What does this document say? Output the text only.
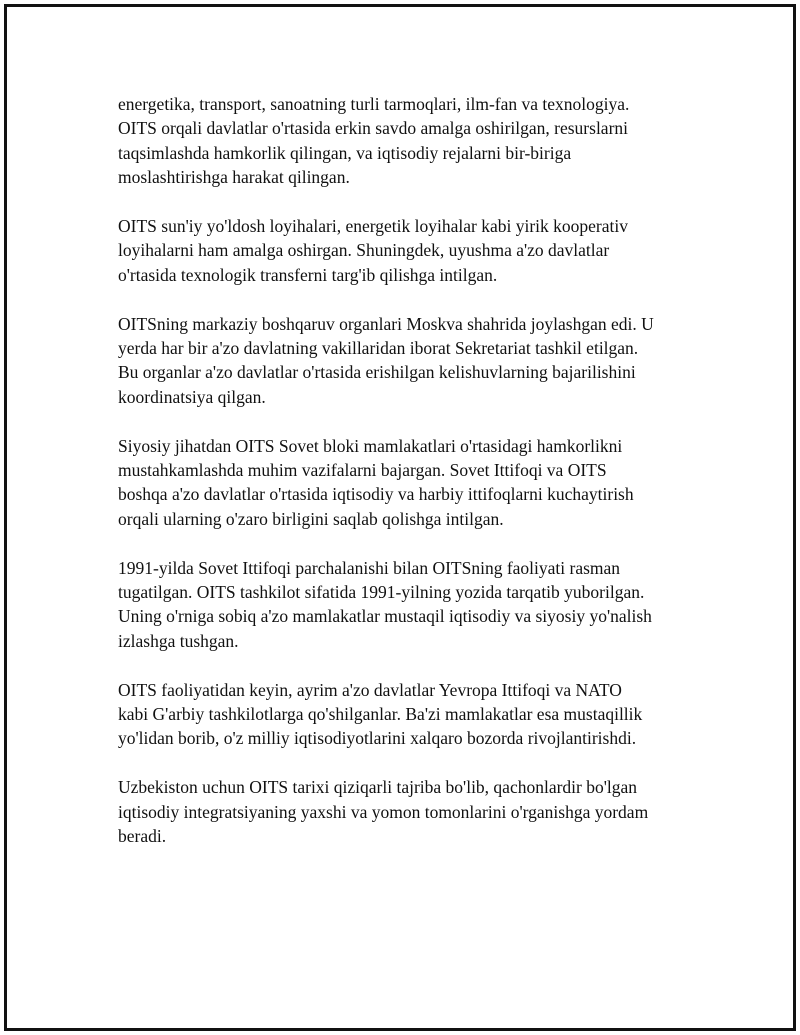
energetika, transport, sanoatning turli tarmoqlari, ilm-fan va texnologiya.
OITS orqali davlatlar o'rtasida erkin savdo amalga oshirilgan, resurslarni
taqsimlashda hamkorlik qilingan, va iqtisodiy rejalarni bir-biriga
moslashtirishga harakat qilingan.

OITS sun'iy yo'ldosh loyihalari, energetik loyihalar kabi yirik kooperativ
loyihalarni ham amalga oshirgan. Shuningdek, uyushma a'zo davlatlar
o'rtasida texnologik transferni targ'ib qilishga intilgan.

OITSning markaziy boshqaruv organlari Moskva shahrida joylashgan edi. U
yerda har bir a'zo davlatning vakillaridan iborat Sekretariat tashkil etilgan.
Bu organlar a'zo davlatlar o'rtasida erishilgan kelishuvlarning bajarilishini
koordinatsiya qilgan.

Siyosiy jihatdan OITS Sovet bloki mamlakatlari o'rtasidagi hamkorlikni
mustahkamlashda muhim vazifalarni bajargan. Sovet Ittifoqi va OITS
boshqa a'zo davlatlar o'rtasida iqtisodiy va harbiy ittifoqlarni kuchaytirish
orqali ularning o'zaro birligini saqlab qolishga intilgan.

1991-yilda Sovet Ittifoqi parchalanishi bilan OITSning faoliyati rasman
tugatilgan. OITS tashkilot sifatida 1991-yilning yozida tarqatib yuborilgan.
Uning o'rniga sobiq a'zo mamlakatlar mustaqil iqtisodiy va siyosiy yo'nalish
izlashga tushgan.

OITS faoliyatidan keyin, ayrim a'zo davlatlar Yevropa Ittifoqi va NATO
kabi G'arbiy tashkilotlarga qo'shilganlar. Ba'zi mamlakatlar esa mustaqillik
yo'lidan borib, o'z milliy iqtisodiyotlarini xalqaro bozorda rivojlantirishdi.

Uzbekiston uchun OITS tarixi qiziqarli tajriba bo'lib, qachonlardir bo'lgan
iqtisodiy integratsiyaning yaxshi va yomon tomonlarini o'rganishga yordam
beradi.
